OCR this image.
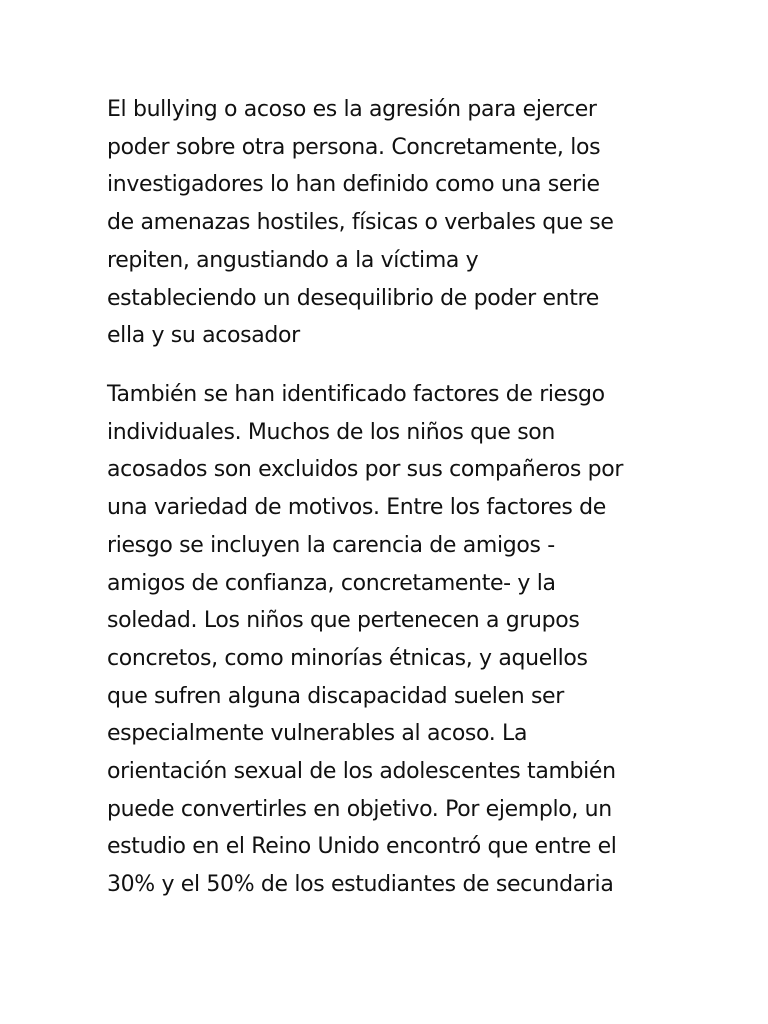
El bullying o acoso es la agresión para ejercer
poder sobre otra persona. Concretamente, los
investigadores lo han definido como una serie
de amenazas hostiles, físicas o verbales que se
repiten, angustiando a la víctima y
estableciendo un desequilibrio de poder entre
ella y su acosador

También se han identificado factores de riesgo
individuales. Muchos de los niños que son
acosados son excluidos por sus compañeros por
una variedad de motivos. Entre los factores de
riesgo se incluyen la carencia de amigos -
amigos de confianza, concretamente- y la
soledad. Los niños que pertenecen a grupos
concretos, como minorías étnicas, y aquellos
que sufren alguna discapacidad suelen ser
especialmente vulnerables al acoso. La
orientación sexual de los adolescentes también
puede convertirles en objetivo. Por ejemplo, un
estudio en el Reino Unido encontró que entre el
30% y el 50% de los estudiantes de secundaria
